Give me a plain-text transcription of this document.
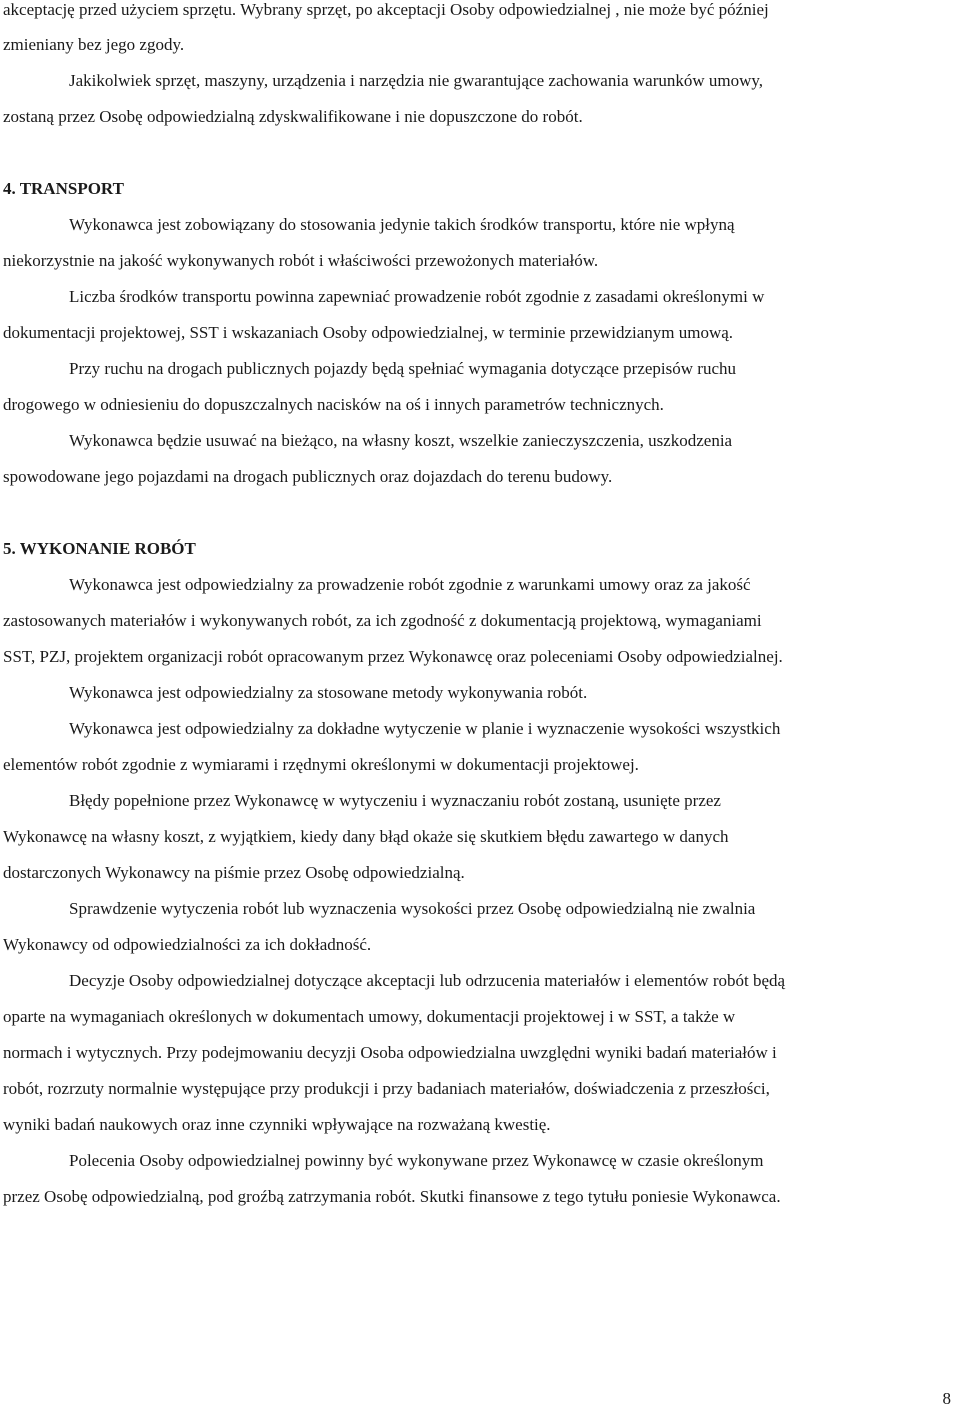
akceptację przed użyciem sprzętu. Wybrany sprzęt, po akceptacji Osoby odpowiedzialnej , nie może być później
zmieniany bez jego zgody.
Jakikolwiek sprzęt, maszyny, urządzenia i narzędzia nie gwarantujące zachowania warunków umowy,
zostaną przez Osobę odpowiedzialną zdyskwalifikowane i nie dopuszczone do robót.
4. TRANSPORT
Wykonawca jest zobowiązany do stosowania jedynie takich środków transportu, które nie wpłyną
niekorzystnie na jakość wykonywanych robót i właściwości przewożonych materiałów.
Liczba środków transportu powinna zapewniać prowadzenie robót zgodnie z zasadami określonymi w
dokumentacji projektowej, SST i wskazaniach Osoby odpowiedzialnej, w terminie przewidzianym umową.
Przy ruchu na drogach publicznych pojazdy będą spełniać wymagania dotyczące przepisów ruchu
drogowego w odniesieniu do dopuszczalnych nacisków na oś i innych parametrów technicznych.
Wykonawca będzie usuwać na bieżąco, na własny koszt, wszelkie zanieczyszczenia, uszkodzenia
spowodowane jego pojazdami na drogach publicznych oraz dojazdach do terenu budowy.
5. WYKONANIE ROBÓT
Wykonawca jest odpowiedzialny za prowadzenie robót zgodnie z warunkami umowy oraz za jakość
zastosowanych materiałów i wykonywanych robót, za ich zgodność z dokumentacją projektową, wymaganiami
SST, PZJ, projektem organizacji robót opracowanym przez Wykonawcę oraz poleceniami Osoby odpowiedzialnej.
Wykonawca jest odpowiedzialny za stosowane metody wykonywania robót.
Wykonawca jest odpowiedzialny za dokładne wytyczenie w planie i wyznaczenie wysokości wszystkich
elementów robót zgodnie z wymiarami i rzędnymi określonymi w dokumentacji projektowej.
Błędy popełnione przez Wykonawcę w wytyczeniu i wyznaczaniu robót zostaną, usunięte przez
Wykonawcę na własny koszt, z wyjątkiem, kiedy dany błąd okaże się skutkiem błędu zawartego w danych
dostarczonych Wykonawcy na piśmie przez Osobę odpowiedzialną.
Sprawdzenie wytyczenia robót lub wyznaczenia wysokości przez Osobę odpowiedzialną nie zwalnia
Wykonawcy od odpowiedzialności za ich dokładność.
Decyzje Osoby odpowiedzialnej dotyczące akceptacji lub odrzucenia materiałów i elementów robót będą
oparte na wymaganiach określonych w dokumentach umowy, dokumentacji projektowej i w SST, a także w
normach i wytycznych. Przy podejmowaniu decyzji Osoba odpowiedzialna uwzględni wyniki badań materiałów i
robót, rozrzuty normalnie występujące przy produkcji i przy badaniach materiałów, doświadczenia z przeszłości,
wyniki badań naukowych oraz inne czynniki wpływające na rozważaną kwestię.
Polecenia Osoby odpowiedzialnej powinny być wykonywane przez Wykonawcę w czasie określonym
przez Osobę odpowiedzialną, pod groźbą zatrzymania robót. Skutki finansowe z tego tytułu poniesie Wykonawca.
8
